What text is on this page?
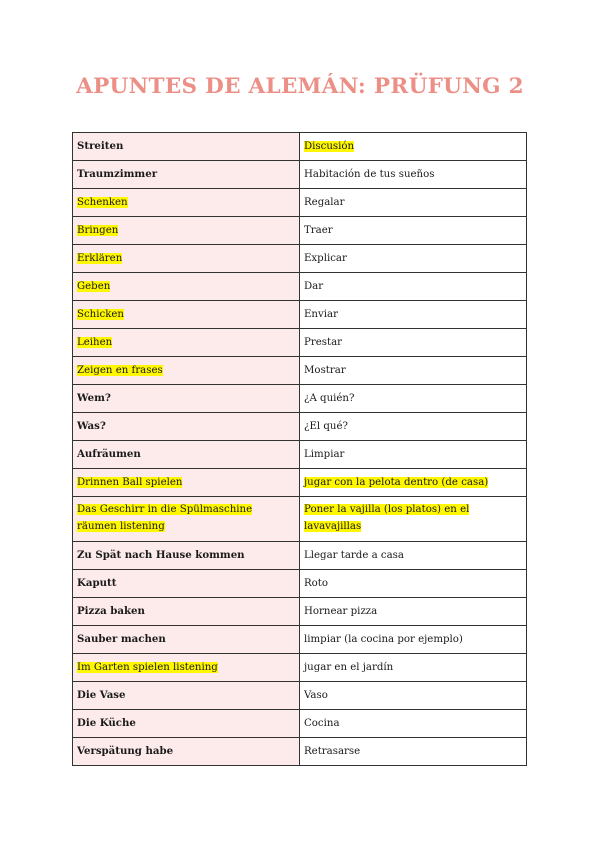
APUNTES DE ALEMÁN: PRÜFUNG 2
Streiten	Discusión
Traumzimmer	Habitación de tus sueños
Schenken	Regalar
Bringen	Traer
Erklären	Explicar
Geben	Dar
Schicken	Enviar
Leihen	Prestar
Zeigen en frases	Mostrar
Wem?	¿A quién?
Was?	¿El qué?
Aufräumen	Limpiar
Drinnen Ball spielen	jugar con la pelota dentro (de casa)
Das Geschirr in die Spülmaschine räumen listening	Poner la vajilla (los platos) en el lavavajillas
Zu Spät nach Hause kommen	Llegar tarde a casa
Kaputt	Roto
Pizza baken	Hornear pizza
Sauber machen	limpiar (la cocina por ejemplo)
Im Garten spielen listening	jugar en el jardín
Die Vase	Vaso
Die Küche	Cocina
Verspätung habe	Retrasarse
